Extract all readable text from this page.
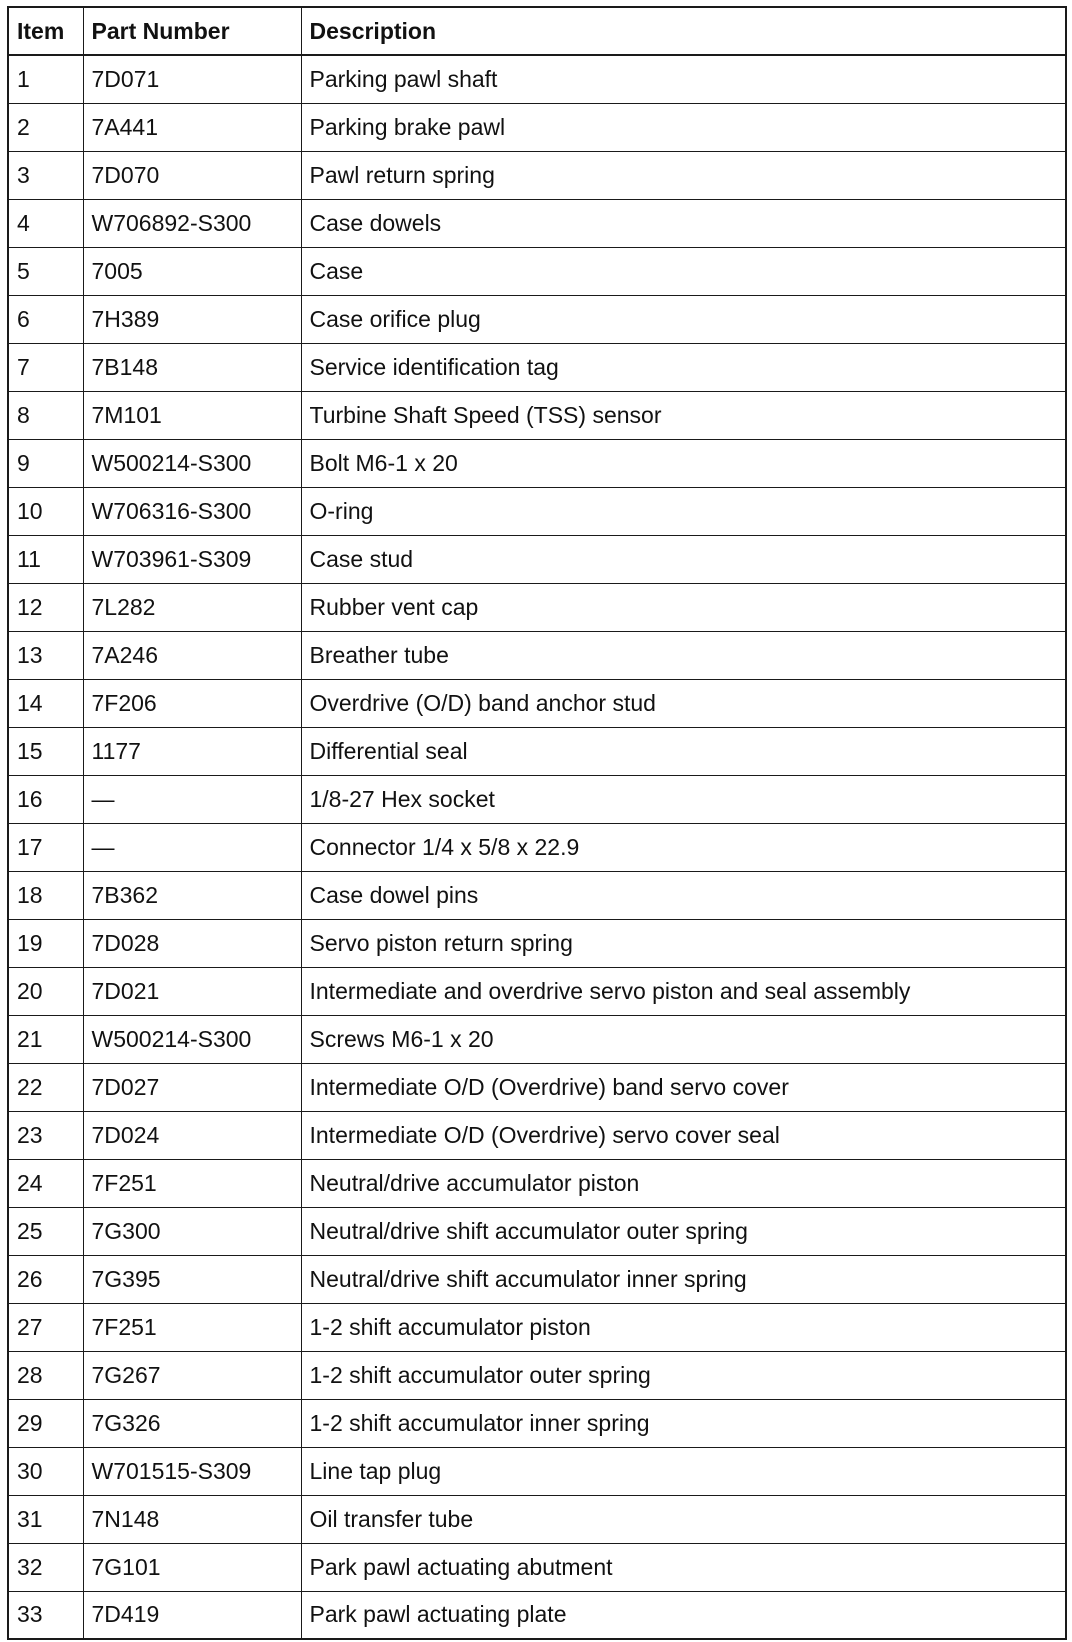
Item	Part Number	Description
1	7D071	Parking pawl shaft
2	7A441	Parking brake pawl
3	7D070	Pawl return spring
4	W706892-S300	Case dowels
5	7005	Case
6	7H389	Case orifice plug
7	7B148	Service identification tag
8	7M101	Turbine Shaft Speed (TSS) sensor
9	W500214-S300	Bolt M6-1 x 20
10	W706316-S300	O-ring
11	W703961-S309	Case stud
12	7L282	Rubber vent cap
13	7A246	Breather tube
14	7F206	Overdrive (O/D) band anchor stud
15	1177	Differential seal
16	—	1/8-27 Hex socket
17	—	Connector 1/4 x 5/8 x 22.9
18	7B362	Case dowel pins
19	7D028	Servo piston return spring
20	7D021	Intermediate and overdrive servo piston and seal assembly
21	W500214-S300	Screws M6-1 x 20
22	7D027	Intermediate O/D (Overdrive) band servo cover
23	7D024	Intermediate O/D (Overdrive) servo cover seal
24	7F251	Neutral/drive accumulator piston
25	7G300	Neutral/drive shift accumulator outer spring
26	7G395	Neutral/drive shift accumulator inner spring
27	7F251	1-2 shift accumulator piston
28	7G267	1-2 shift accumulator outer spring
29	7G326	1-2 shift accumulator inner spring
30	W701515-S309	Line tap plug
31	7N148	Oil transfer tube
32	7G101	Park pawl actuating abutment
33	7D419	Park pawl actuating plate
